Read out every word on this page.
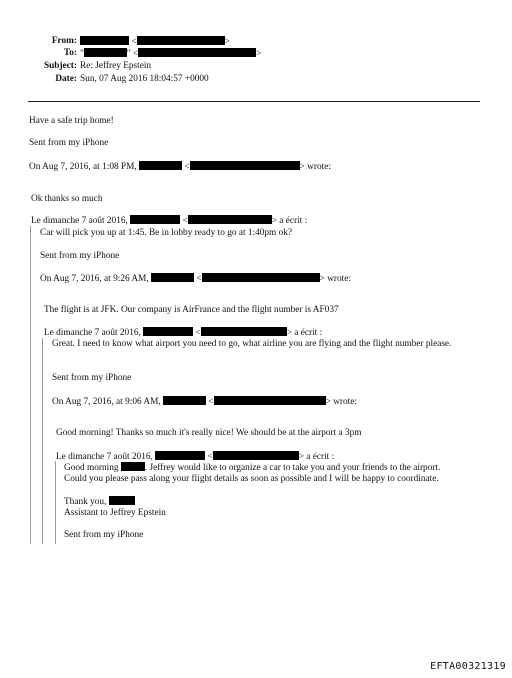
From:	<	>
To: "	" <	>
Subject: Re: Jeffrey Epstein
Date: Sun, 07 Aug 2016 18:04:57 +0000
Have a safe trip home!
Sent from my iPhone
On Aug 7, 2016, at 1:08 PM,	<	> wrote:
Ok thanks so much
Le dimanche 7 août 2016,	<	> a écrit :
Car will pick you up at 1:45. Be in lobby ready to go at 1:40pm ok?
Sent from my iPhone
On Aug 7, 2016, at 9:26 AM,	<	> wrote:
The flight is at JFK. Our company is AirFrance and the flight number is AF037
Le dimanche 7 août 2016,	<	> a écrit :
Great. I need to know what airport you need to go, what airline you are flying and the flight number please.
Sent from my iPhone
On Aug 7, 2016, at 9:06 AM,	<	> wrote:
Good morning! Thanks so much it's really nice! We should be at the airport a 3pm
Le dimanche 7 août 2016,	<	> a écrit :
Good morning	. Jeffrey would like to organize a car to take you and your friends to the airport.
Could you please pass along your flight details as soon as possible and I will be happy to coordinate.
Thank you,
Assistant to Jeffrey Epstein
Sent from my iPhone
EFTA00321319
